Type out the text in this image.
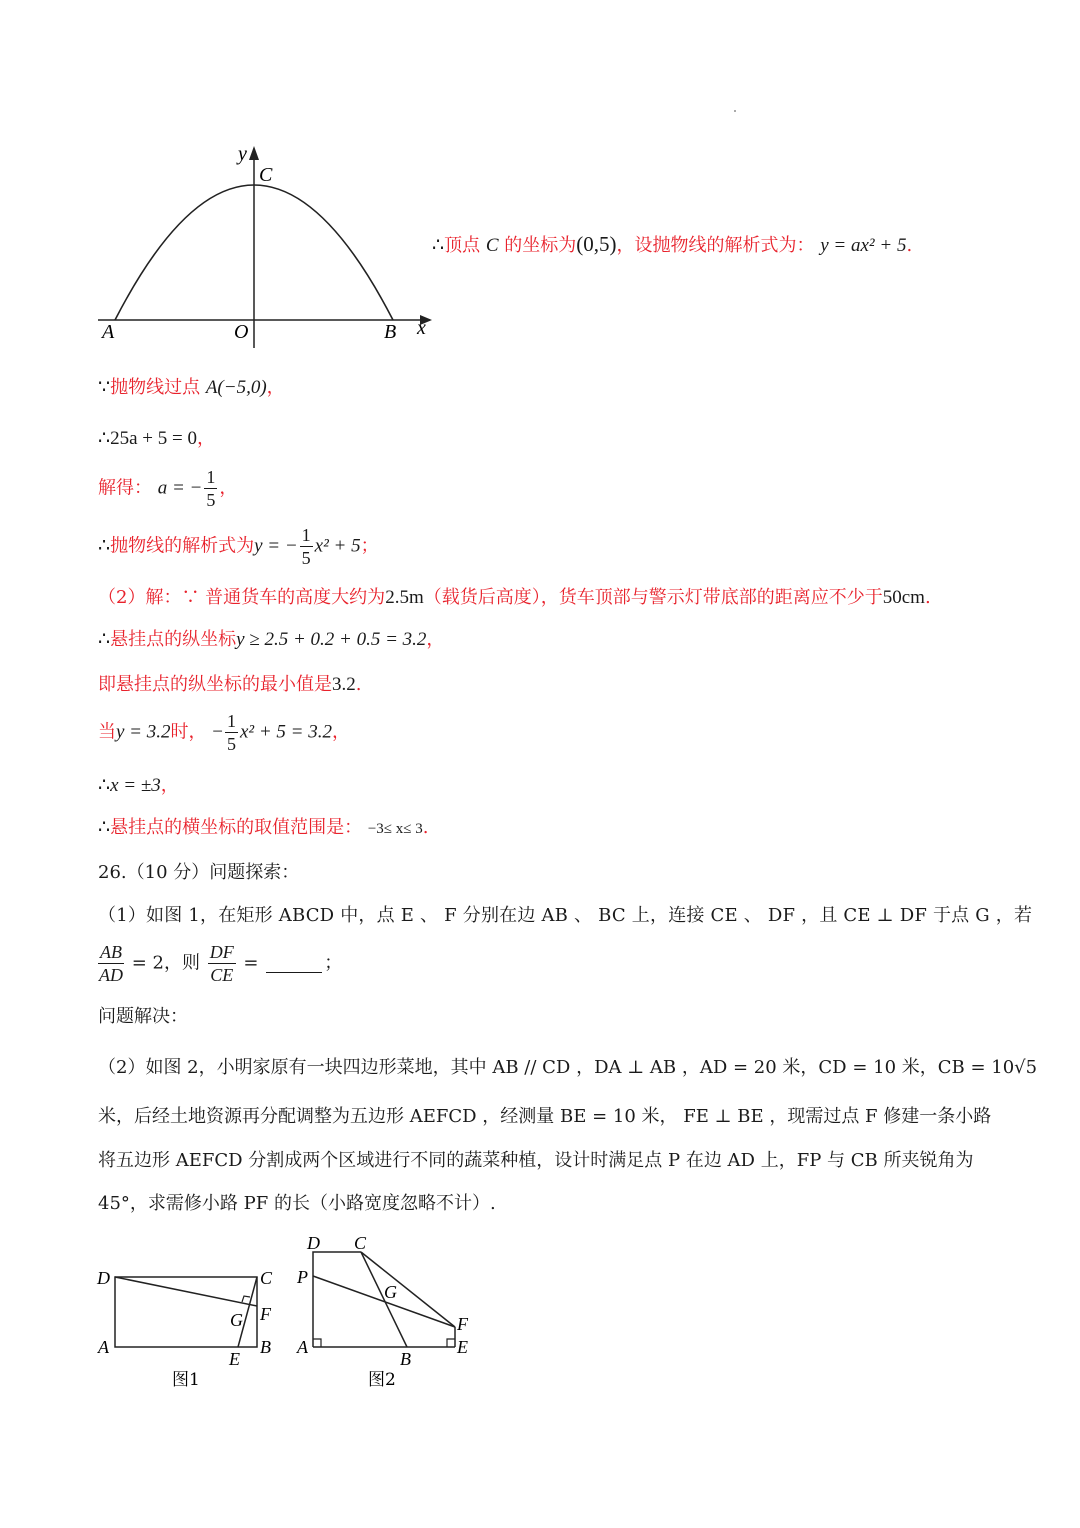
y
x
C
A	O	B
∴顶点 C 的坐标为(0,5)，设抛物线的解析式为： y = ax² + 5.
∵抛物线过点 A(−5,0)，
∴25a + 5 = 0，
解得： a = − $\frac{1}{5}$ ，
∴抛物线的解析式为y = − $\frac{1}{5} x^2 + 5$；
（2）解：∵ 普通货车的高度大约为2.5m（载货后高度），货车顶部与警示灯带底部的距离应不少于50cm.
∴悬挂点的纵坐标y ≥ 2.5 + 0.2 + 0.5 = 3.2，
即悬挂点的纵坐标的最小值是3.2.
当y = 3.2时， − $\frac{1}{5} x^2 + 5 = 3.2$，
∴x = ±3，
∴悬挂点的横坐标的取值范围是： −3≤ x≤ 3.
26.（10 分）问题探索：
（1）如图 1，在矩形 ABCD 中，点 E 、 F 分别在边 AB 、 BC 上，连接 CE 、 DF ，且 CE ⊥ DF 于点 G ，若
$\frac{AB}{AD} = 2$，则 $\frac{DF}{CE}$ =	；
问题解决：
（2）如图 2，小明家原有一块四边形菜地，其中 AB // CD ，DA ⊥ AB ，AD = 20 米，CD = 10 米，CB = 10√5
米，后经土地资源再分配调整为五边形 AEFCD ，经测量 BE = 10 米， FE ⊥ BE ，现需过点 F 修建一条小路
将五边形 AEFCD 分割成两个区域进行不同的蔬菜种植，设计时满足点 P 在边 AD 上，FP 与 CB 所夹锐角为
45°，求需修小路 PF 的长（小路宽度忽略不计）.
D	C
F
G
A
E
B
图1
D C
P
G
F
A
B
E
图2
